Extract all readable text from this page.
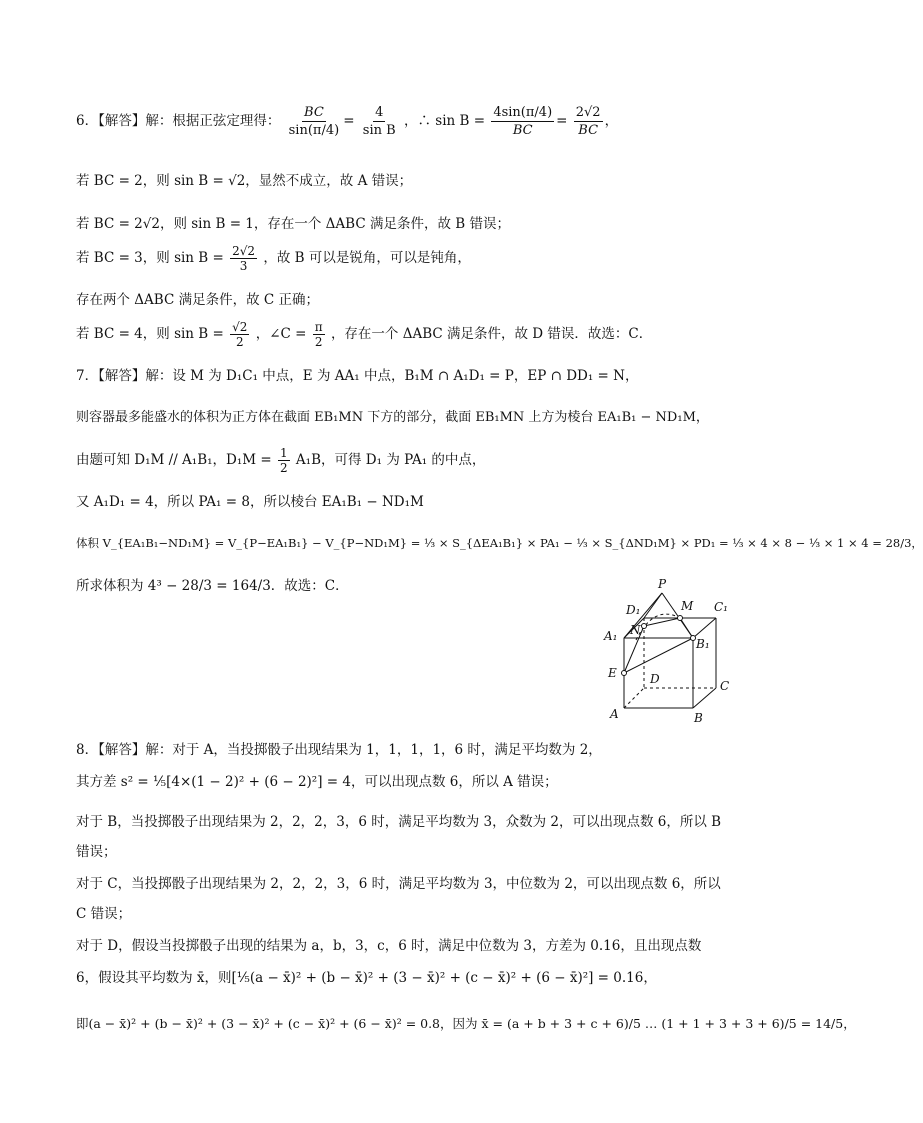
6．【解答】解：根据正弦定理得： $\frac{BC}{\sin(\pi/4)} = \frac{4}{\text{sin B}}$ ，∴ $\sin B = \frac{4\sin(\pi/4)}{BC} = \frac{2√2}{BC}$ ，
若 BC = 2，则 sin B = √2，显然不成立，故 A 错误；
若 BC = 2√2，则 sin B = 1，存在一个 ΔABC 满足条件，故 B 错误；
若 BC = 3，则 $\sin B = \frac{2√2}{3}$ ，故 B 可以是锐角，可以是钝角，
存在两个 ΔABC 满足条件，故 C 正确；
若 BC = 4，则 $\sin B = \frac{√2}{2}$ ，∠C = $\frac{\pi}{2}$ ，存在一个 ΔABC 满足条件，故 D 错误．故选：C．
7．【解答】解：设 M 为 D₁C₁ 中点，E 为 AA₁ 中点，B₁M ∩ A₁D₁ = P，EP ∩ DD₁ = N，
则容器最多能盛水的体积为正方体在截面 EB₁MN 下方的部分，截面 EB₁MN 上方为棱台 EA₁B₁ − ND₁M，
由题可知 D₁M // A₁B₁，$D_1M = \frac{1}{2} A_1B$，可得 D₁ 为 PA₁ 的中点，
又 A₁D₁ = 4，所以 PA₁ = 8，所以棱台 EA₁B₁ − ND₁M
体积 V_{EA₁B₁−ND₁M} = V_{P−EA₁B₁} − V_{P−ND₁M} = ⅓ × S_{ΔEA₁B₁} × PA₁ − ⅓ × S_{ΔND₁M} × PD₁ = ⅓ × 4 × 8 − ⅓ × 1 × 4 = 28/3，
所求体积为 4³ − 28/3 = 164/3．故选：C．	P
D₁	M C₁
A₁ N
B₁
E	D	C
A	B
8．【解答】解：对于 A，当投掷骰子出现结果为 1，1，1，1，6 时，满足平均数为 2，
其方差 s² = ⅕[4×(1 − 2)² + (6 − 2)²] = 4，可以出现点数 6，所以 A 错误；
对于 B，当投掷骰子出现结果为 2，2，2，3，6 时，满足平均数为 3，众数为 2，可以出现点数 6，所以 B
错误；
对于 C，当投掷骰子出现结果为 2，2，2，3，6 时，满足平均数为 3，中位数为 2，可以出现点数 6，所以
C 错误；
对于 D，假设当投掷骰子出现的结果为 a，b，3，c，6 时，满足中位数为 3，方差为 0.16，且出现点数
6，假设其平均数为 x̄，则[⅕(a − x̄)² + (b − x̄)² + (3 − x̄)² + (c − x̄)² + (6 − x̄)²] = 0.16，
即(a − x̄)² + (b − x̄)² + (3 − x̄)² + (c − x̄)² + (6 − x̄)² = 0.8，因为 x̄ = (a + b + 3 + c + 6)/5 … (1 + 1 + 3 + 3 + 6)/5 = 14/5，
